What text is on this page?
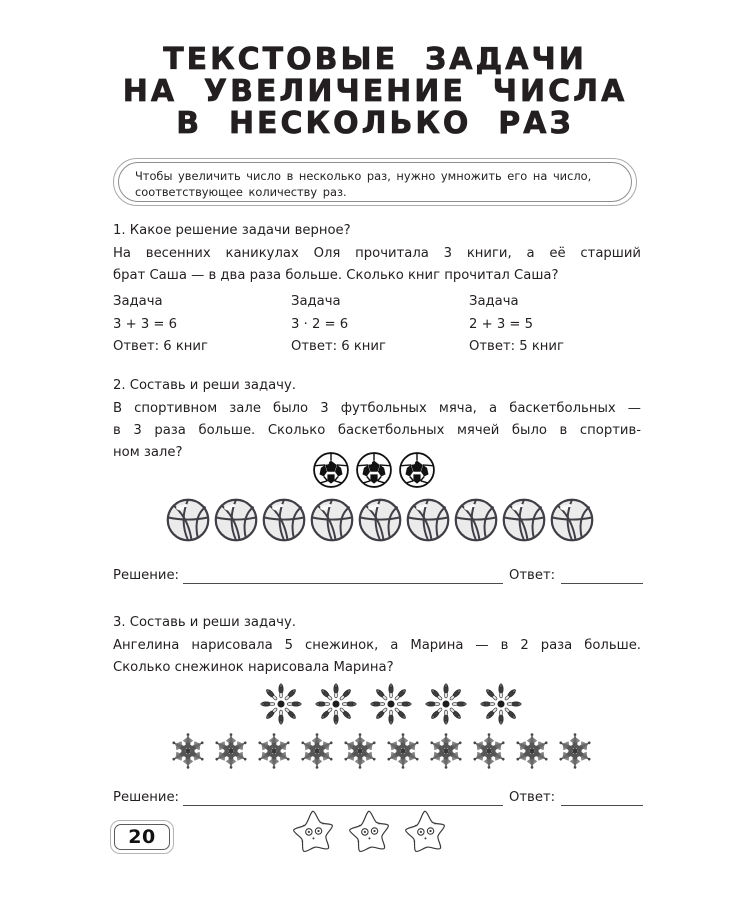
ТЕКСТОВЫЕ  ЗАДАЧИ
НА  УВЕЛИЧЕНИЕ  ЧИСЛА
В  НЕСКОЛЬКО  РАЗ
Чтобы увеличить число в несколько раз, нужно умножить его на число,
соответствующее количеству раз.
1. Какое решение задачи верное?
На весенних каникулах Оля прочитала 3 книги, а её старший
брат Саша — в два раза больше. Сколько книг прочитал Саша?
Задача
3 + 3 = 6
Ответ: 6 книг
Задача
3 · 2 = 6
Ответ: 6 книг
Задача
2 + 3 = 5
Ответ: 5 книг
2. Составь и реши задачу.
В спортивном зале было 3 футбольных мяча, а баскетбольных —
в 3 раза больше. Сколько баскетбольных мячей было в спортив-
ном зале?
Решение:	Ответ:
3. Составь и реши задачу.
Ангелина нарисовала 5 снежинок, а Марина — в 2 раза больше.
Сколько снежинок нарисовала Марина?
Решение:	Ответ:
20
